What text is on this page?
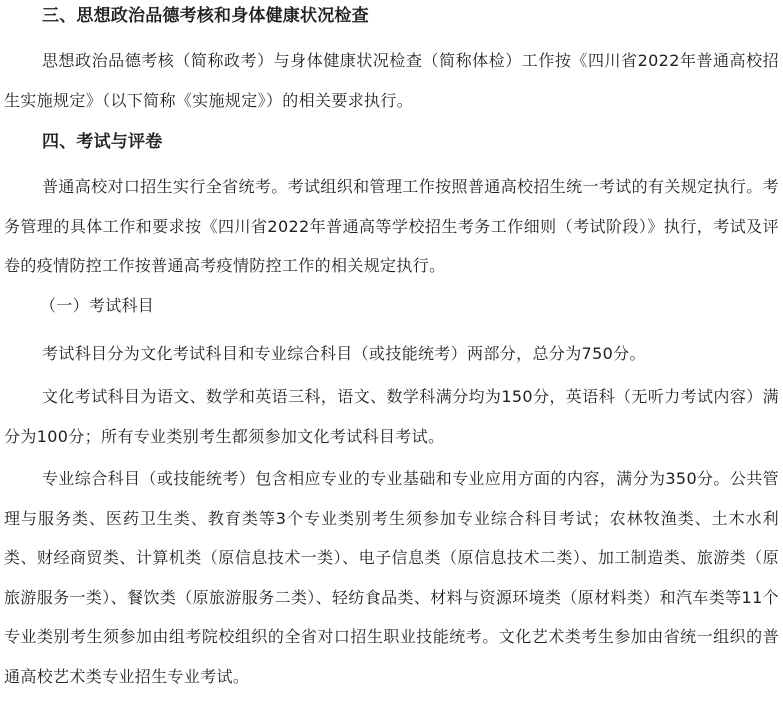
三、思想政治品德考核和身体健康状况检查
思想政治品德考核（简称政考）与身体健康状况检查（简称体检）工作按《四川省2022年普通高校招生实施规定》（以下简称《实施规定》）的相关要求执行。
四、考试与评卷
普通高校对口招生实行全省统考。考试组织和管理工作按照普通高校招生统一考试的有关规定执行。考务管理的具体工作和要求按《四川省2022年普通高等学校招生考务工作细则（考试阶段）》执行，考试及评卷的疫情防控工作按普通高考疫情防控工作的相关规定执行。
（一）考试科目
考试科目分为文化考试科目和专业综合科目（或技能统考）两部分，总分为750分。
文化考试科目为语文、数学和英语三科，语文、数学科满分均为150分，英语科（无听力考试内容）满分为100分；所有专业类别考生都须参加文化考试科目考试。
专业综合科目（或技能统考）包含相应专业的专业基础和专业应用方面的内容，满分为350分。公共管理与服务类、医药卫生类、教育类等3个专业类别考生须参加专业综合科目考试；农林牧渔类、土木水利类、财经商贸类、计算机类（原信息技术一类）、电子信息类（原信息技术二类）、加工制造类、旅游类（原旅游服务一类）、餐饮类（原旅游服务二类）、轻纺食品类、材料与资源环境类（原材料类）和汽车类等11个专业类别考生须参加由组考院校组织的全省对口招生职业技能统考。文化艺术类考生参加由省统一组织的普通高校艺术类专业招生专业考试。
